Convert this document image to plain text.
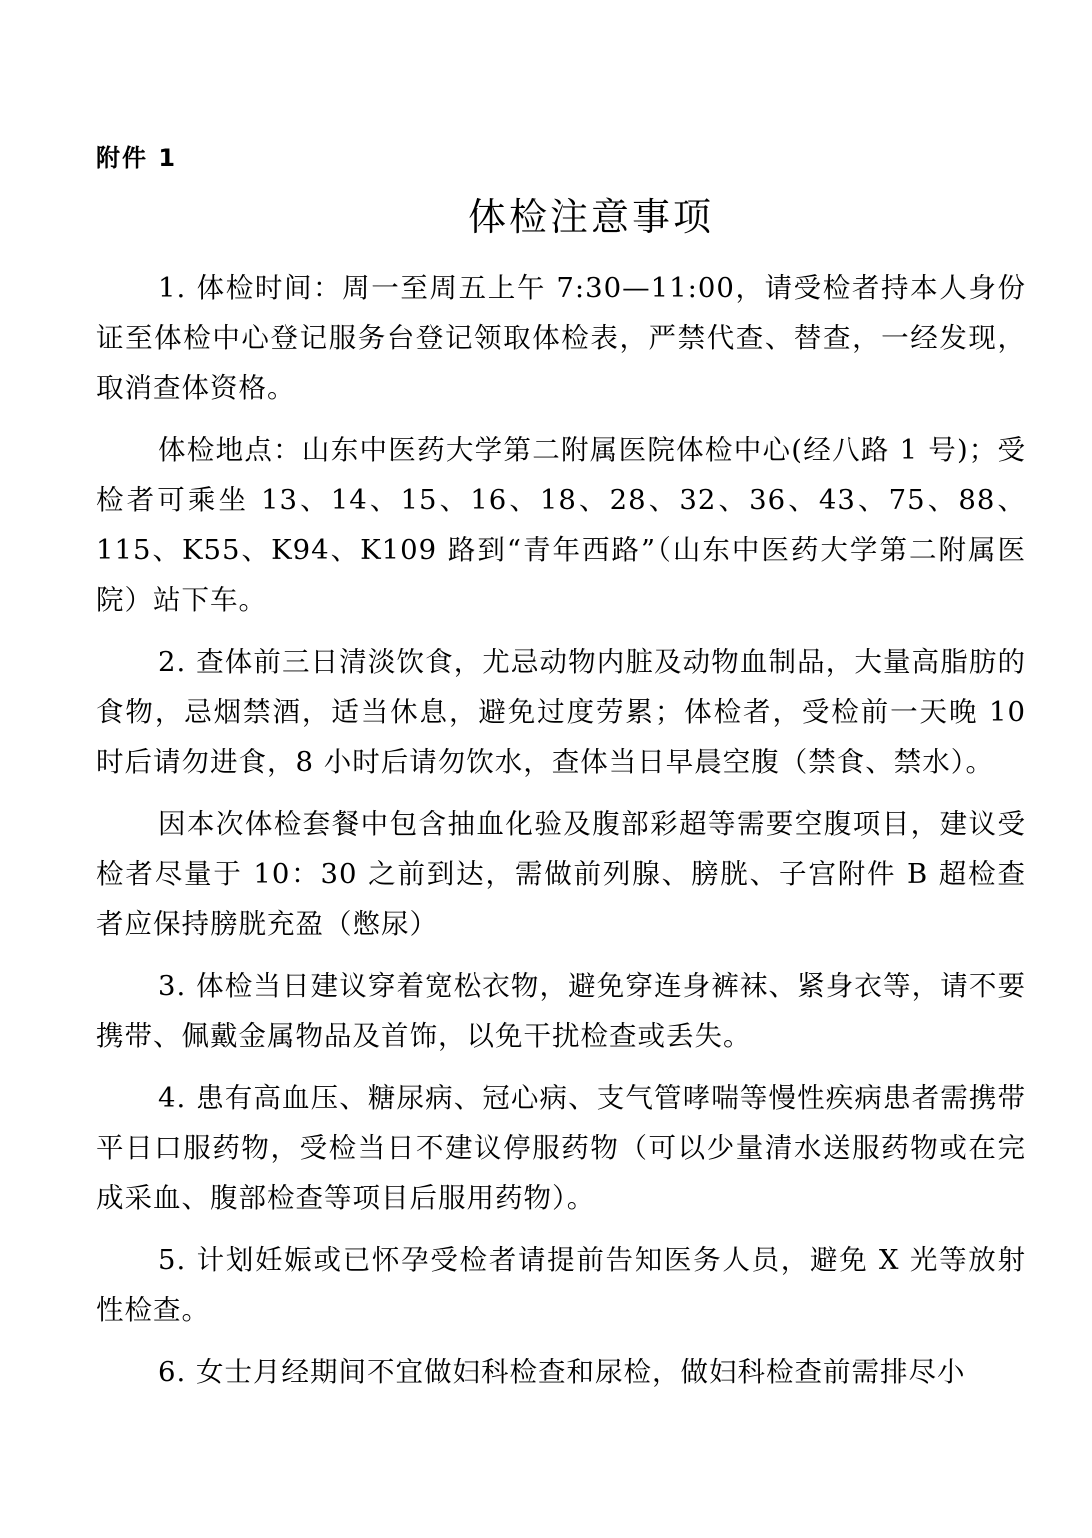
附件 1
体检注意事项

1. 体检时间：周一至周五上午 7:30—11:00，请受检者持本人身份证至体检中心登记服务台登记领取体检表，严禁代查、替查，一经发现，取消查体资格。

体检地点：山东中医药大学第二附属医院体检中心(经八路 1 号)；受检者可乘坐 13、14、15、16、18、28、32、36、43、75、88、115、K55、K94、K109 路到“青年西路”（山东中医药大学第二附属医院）站下车。

2. 查体前三日清淡饮食，尤忌动物内脏及动物血制品，大量高脂肪的食物，忌烟禁酒，适当休息，避免过度劳累；体检者，受检前一天晚 10 时后请勿进食，8 小时后请勿饮水，查体当日早晨空腹（禁食、禁水）。

因本次体检套餐中包含抽血化验及腹部彩超等需要空腹项目，建议受检者尽量于 10：30 之前到达，需做前列腺、膀胱、子宫附件 B 超检查者应保持膀胱充盈（憋尿）

3. 体检当日建议穿着宽松衣物，避免穿连身裤袜、紧身衣等，请不要携带、佩戴金属物品及首饰，以免干扰检查或丢失。

4. 患有高血压、糖尿病、冠心病、支气管哮喘等慢性疾病患者需携带平日口服药物，受检当日不建议停服药物（可以少量清水送服药物或在完成采血、腹部检查等项目后服用药物）。

5. 计划妊娠或已怀孕受检者请提前告知医务人员，避免 X 光等放射性检查。

6. 女士月经期间不宜做妇科检查和尿检，做妇科检查前需排尽小
